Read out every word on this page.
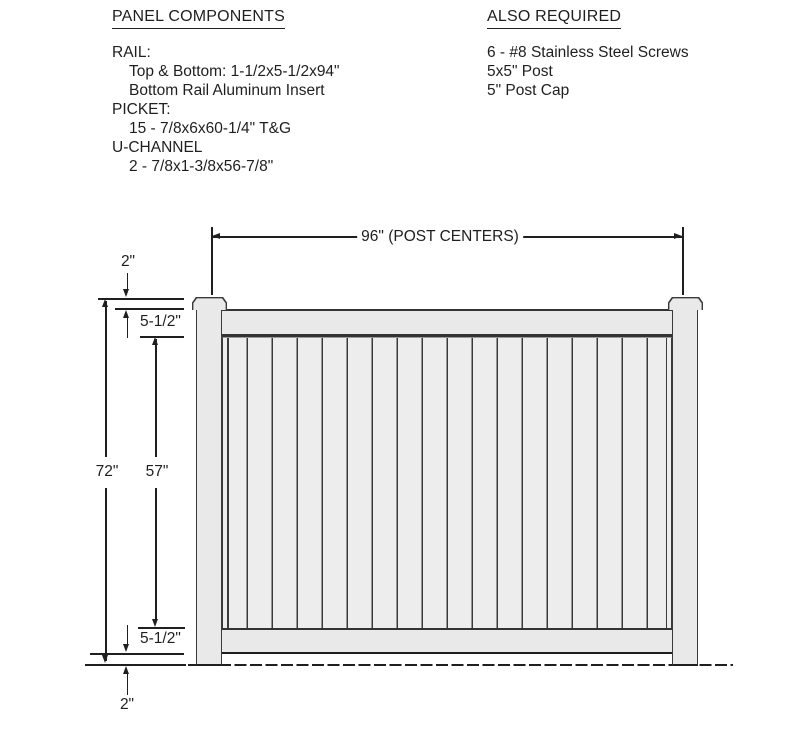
PANEL COMPONENTS
RAIL:
Top & Bottom: 1-1/2x5-1/2x94"
Bottom Rail Aluminum Insert
PICKET:
15 - 7/8x6x60-1/4" T&G
U-CHANNEL
2 - 7/8x1-3/8x56-7/8"
ALSO REQUIRED
6 - #8 Stainless Steel Screws
5x5" Post
5" Post Cap
96" (POST CENTERS)
72" 57"
2"
5-1/2"
5-1/2"
2"
